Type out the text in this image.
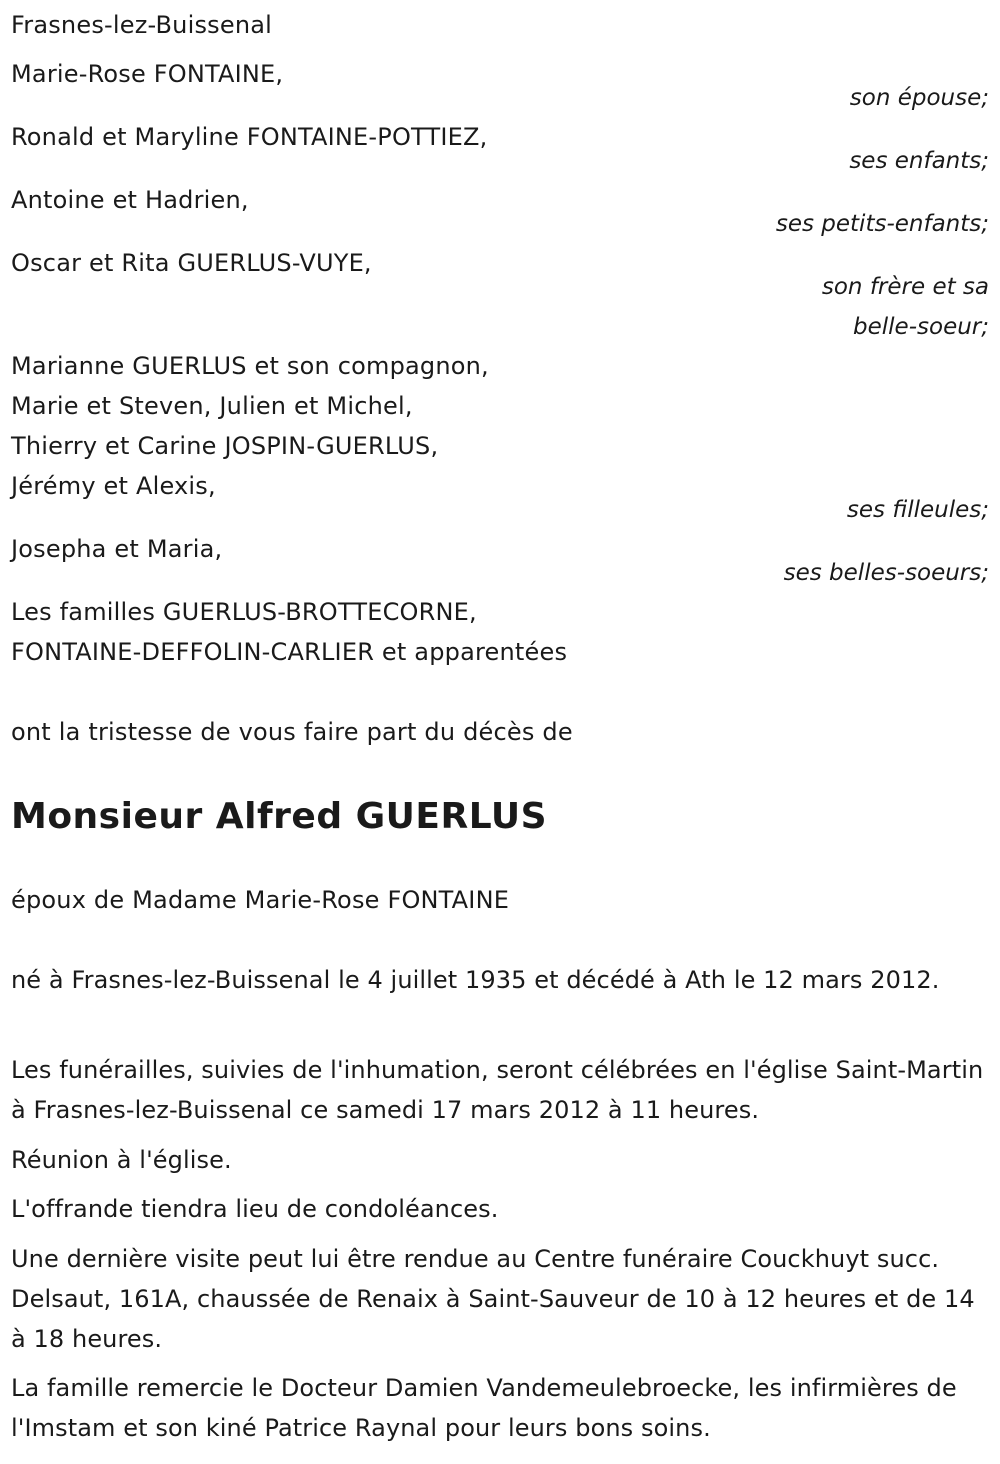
Frasnes-lez-Buissenal
Marie-Rose FONTAINE,
son épouse;
Ronald et Maryline FONTAINE-POTTIEZ,
ses enfants;
Antoine et Hadrien,
ses petits-enfants;
Oscar et Rita GUERLUS-VUYE,
son frère et sa
belle-soeur;
Marianne GUERLUS et son compagnon,
Marie et Steven, Julien et Michel,
Thierry et Carine JOSPIN-GUERLUS,
Jérémy et Alexis,
ses filleules;
Josepha et Maria,
ses belles-soeurs;
Les familles GUERLUS-BROTTECORNE,
FONTAINE-DEFFOLIN-CARLIER et apparentées
ont la tristesse de vous faire part du décès de
Monsieur Alfred GUERLUS
époux de Madame Marie-Rose FONTAINE
né à Frasnes-lez-Buissenal le 4 juillet 1935 et décédé à Ath le 12 mars 2012.
Les funérailles, suivies de l'inhumation, seront célébrées en l'église Saint-Martin à Frasnes-lez-Buissenal ce samedi 17 mars 2012 à 11 heures.
Réunion à l'église.
L'offrande tiendra lieu de condoléances.
Une dernière visite peut lui être rendue au Centre funéraire Couckhuyt succ. Delsaut, 161A, chaussée de Renaix à Saint-Sauveur de 10 à 12 heures et de 14 à 18 heures.
La famille remercie le Docteur Damien Vandemeulebroecke, les infirmières de l'Imstam et son kiné Patrice Raynal pour leurs bons soins.
